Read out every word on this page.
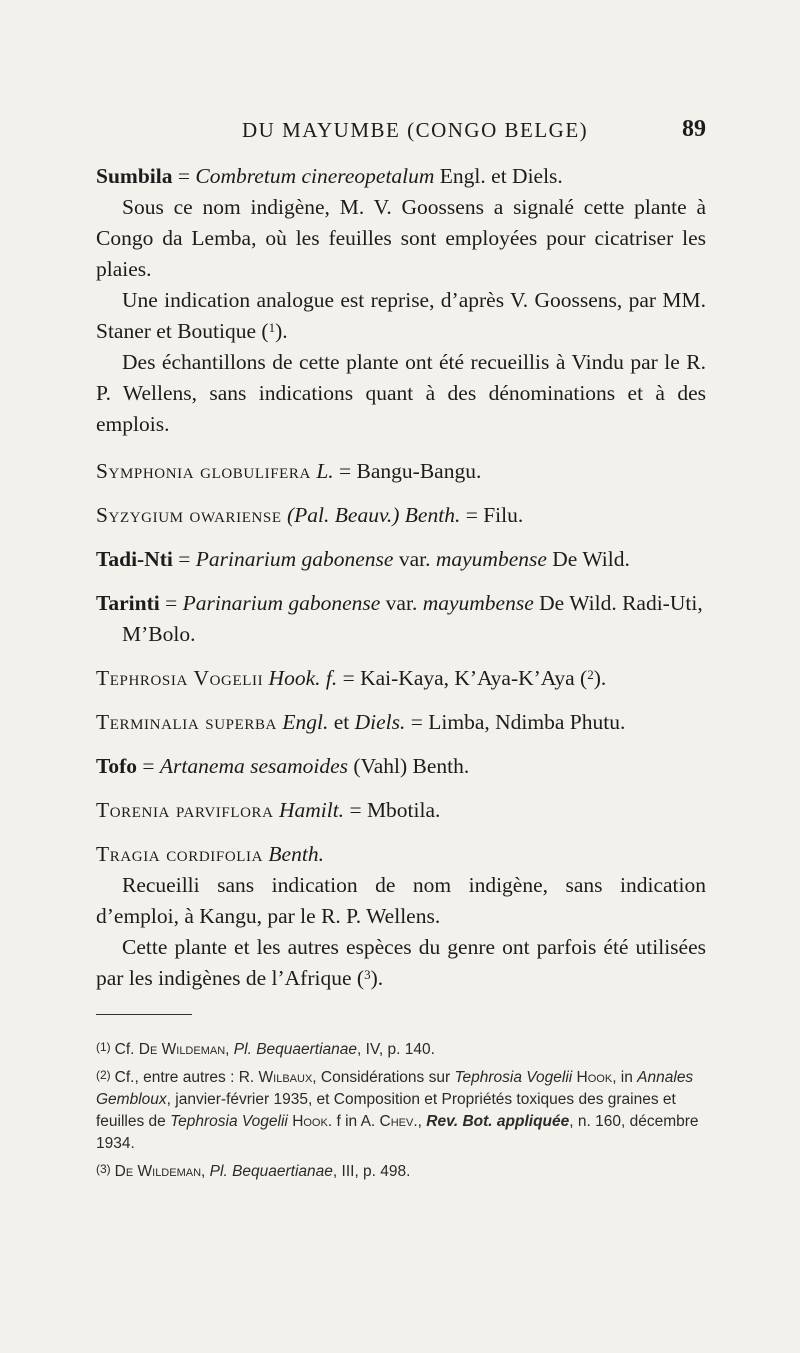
DU MAYUMBE (CONGO BELGE)	89

Sumbila = Combretum cinereopetalum Engl. et Diels.

Sous ce nom indigène, M. V. Goossens a signalé cette plante à Congo da Lemba, où les feuilles sont employées pour cicatriser les plaies.

Une indication analogue est reprise, d’après V. Goossens, par MM. Staner et Boutique ($^1$).

Des échantillons de cette plante ont été recueillis à Vindu par le R. P. Wellens, sans indications quant à des dénominations et à des emplois.

Symphonia globulifera L. = Bangu-Bangu.

Syzygium owariense (Pal. Beauv.) Benth. = Filu.

Tadi-Nti = Parinarium gabonense var. mayumbense De Wild.

Tarinti = Parinarium gabonense var. mayumbense De Wild. Radi-Uti, M’Bolo.

Tephrosia Vogelii Hook. f. = Kai-Kaya, K’Aya-K’Aya ($^2$).

Terminalia superba Engl. et Diels. = Limba, Ndimba Phutu.

Tofo = Artanema sesamoides (Vahl) Benth.

Torenia parviflora Hamilt. = Mbotila.

Tragia cordifolia Benth.

Recueilli sans indication de nom indigène, sans indication d’emploi, à Kangu, par le R. P. Wellens.

Cette plante et les autres espèces du genre ont parfois été utilisées par les indigènes de l’Afrique ($^3$).

(1) Cf. De Wildeman, Pl. Bequaertianae, IV, p. 140.

(2) Cf., entre autres : R. Wilbaux, Considérations sur Tephrosia Vogelii Hook, in Annales Gembloux, janvier-février 1935, et Composition et Propriétés toxiques des graines et feuilles de Tephrosia Vogelii Hook. f in A. Chev., Rev. Bot. appliquée, n. 160, décembre 1934.

(3) De Wildeman, Pl. Bequaertianae, III, p. 498.
